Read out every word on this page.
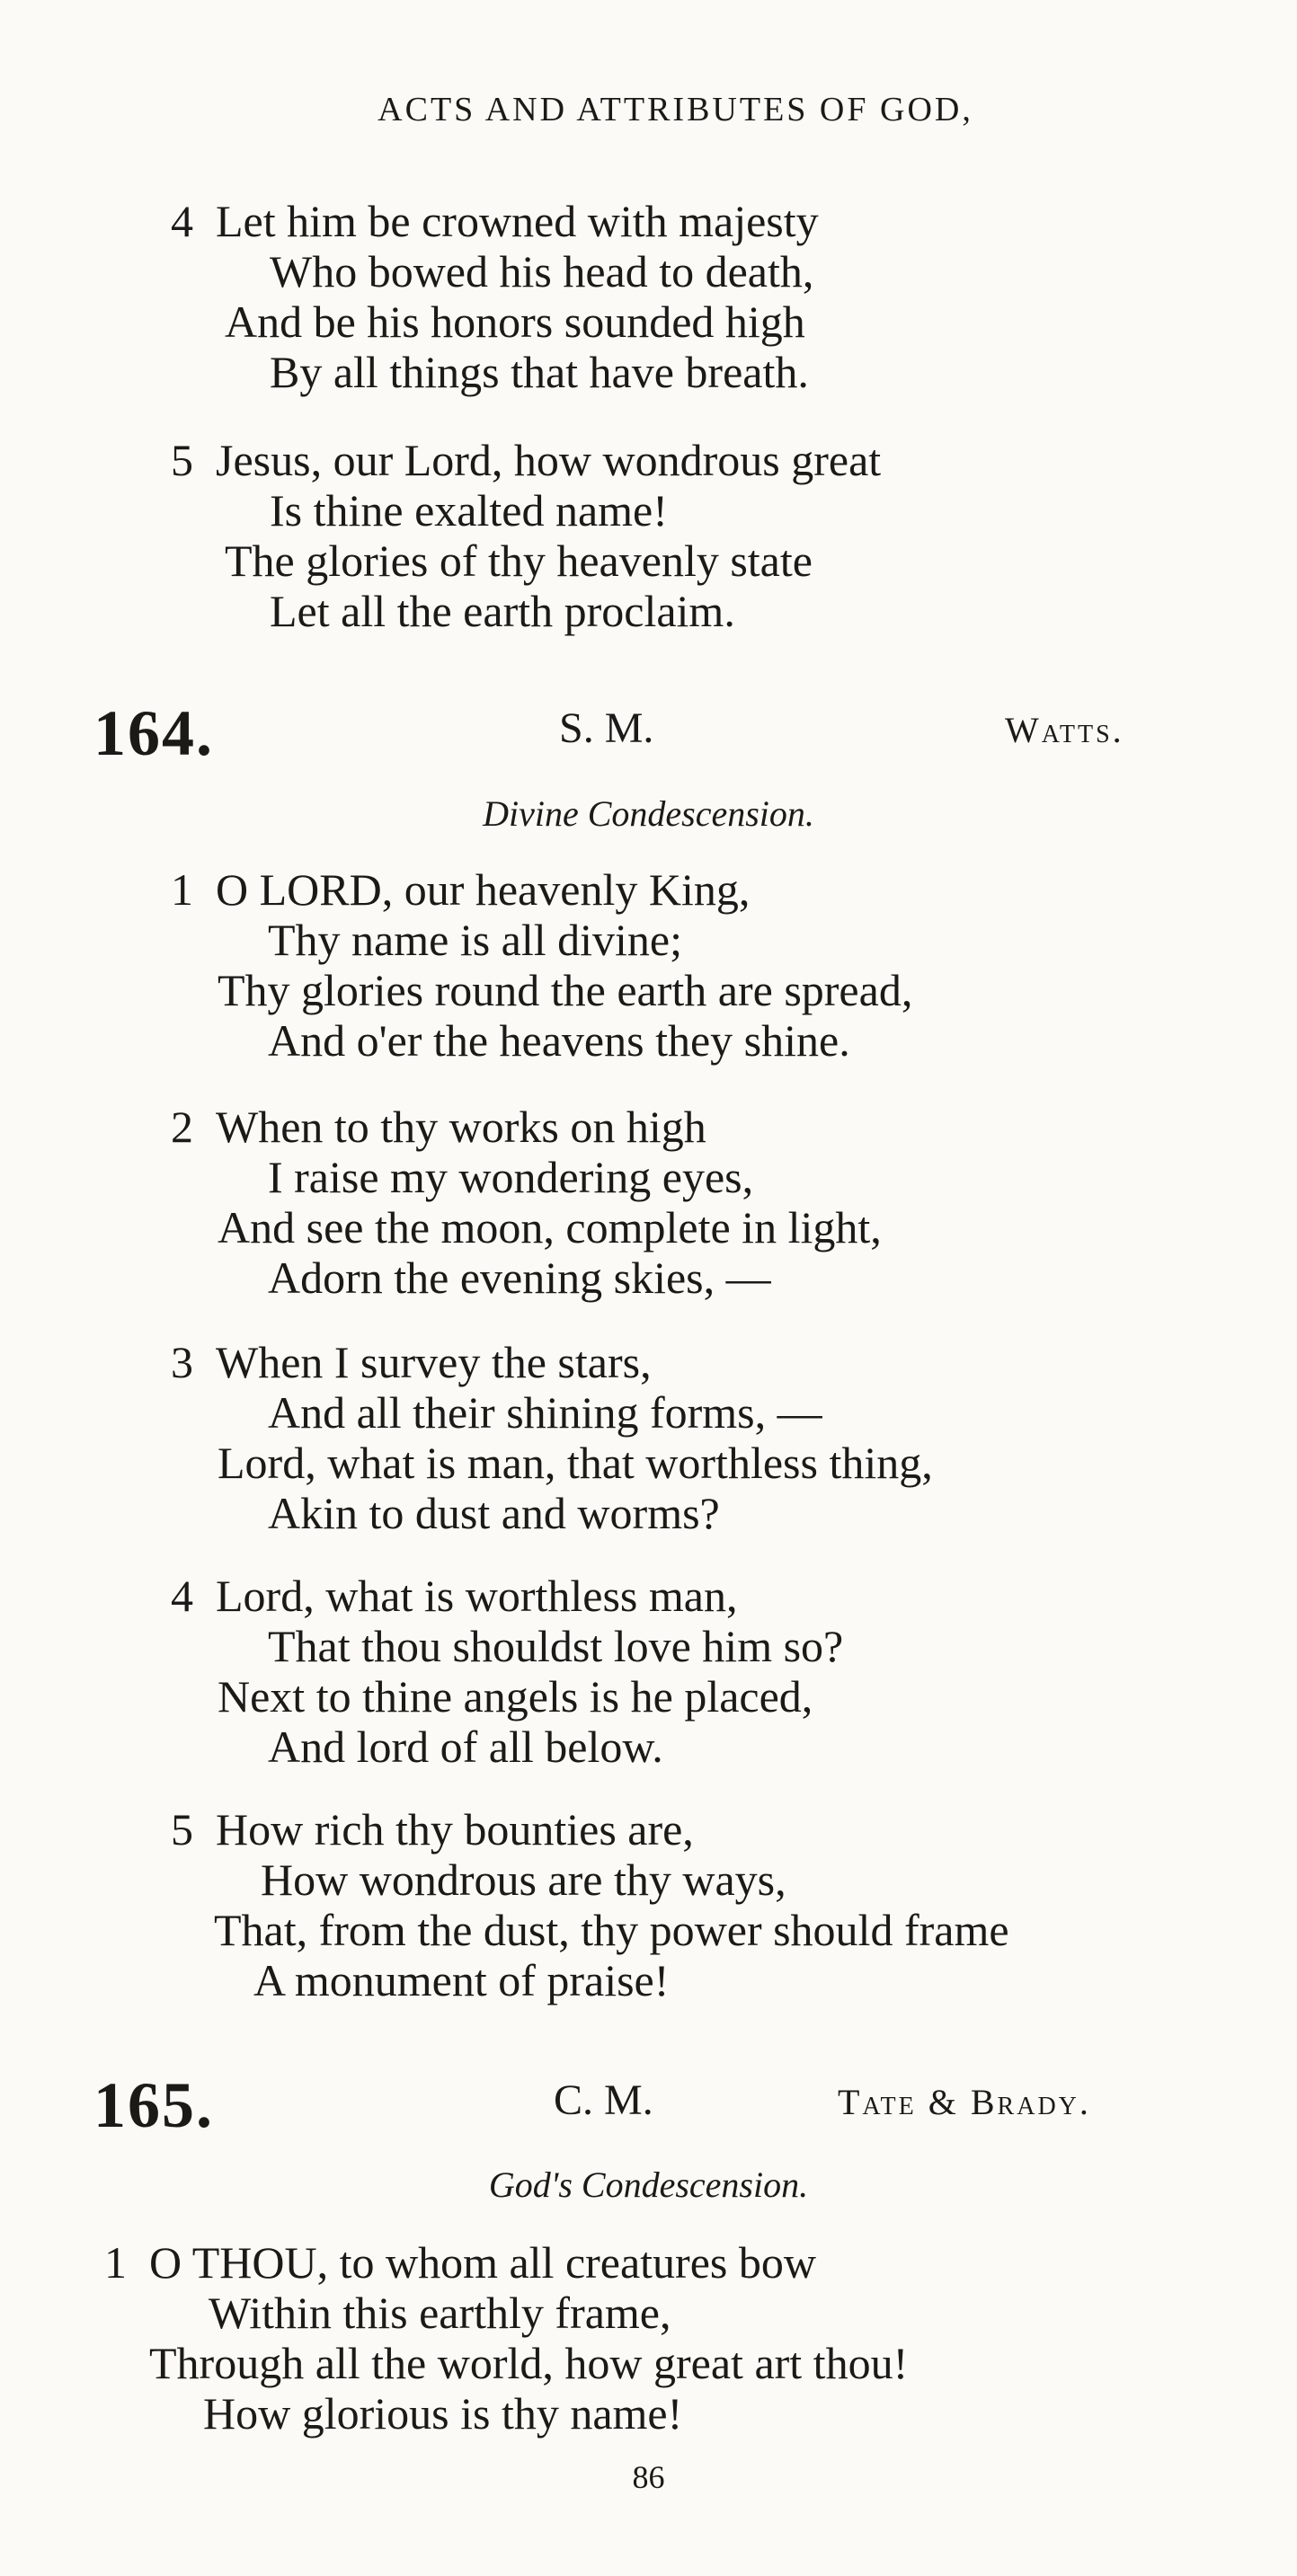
ACTS AND ATTRIBUTES OF GOD,
4 Let him be crowned with majesty
Who bowed his head to death,
And be his honors sounded high
By all things that have breath.
5 Jesus, our Lord, how wondrous great
Is thine exalted name!
The glories of thy heavenly state
Let all the earth proclaim.
164.	S. M.	Watts.
Divine Condescension.
1 O LORD, our heavenly King,
Thy name is all divine;
Thy glories round the earth are spread,
And o'er the heavens they shine.
2 When to thy works on high
I raise my wondering eyes,
And see the moon, complete in light,
Adorn the evening skies, —
3 When I survey the stars,
And all their shining forms, —
Lord, what is man, that worthless thing,
Akin to dust and worms?
4 Lord, what is worthless man,
That thou shouldst love him so?
Next to thine angels is he placed,
And lord of all below.
5 How rich thy bounties are,
How wondrous are thy ways,
That, from the dust, thy power should frame
A monument of praise!
165.	C. M.	Tate & Brady.
God's Condescension.
1 O THOU, to whom all creatures bow
Within this earthly frame,
Through all the world, how great art thou!
How glorious is thy name!
86
